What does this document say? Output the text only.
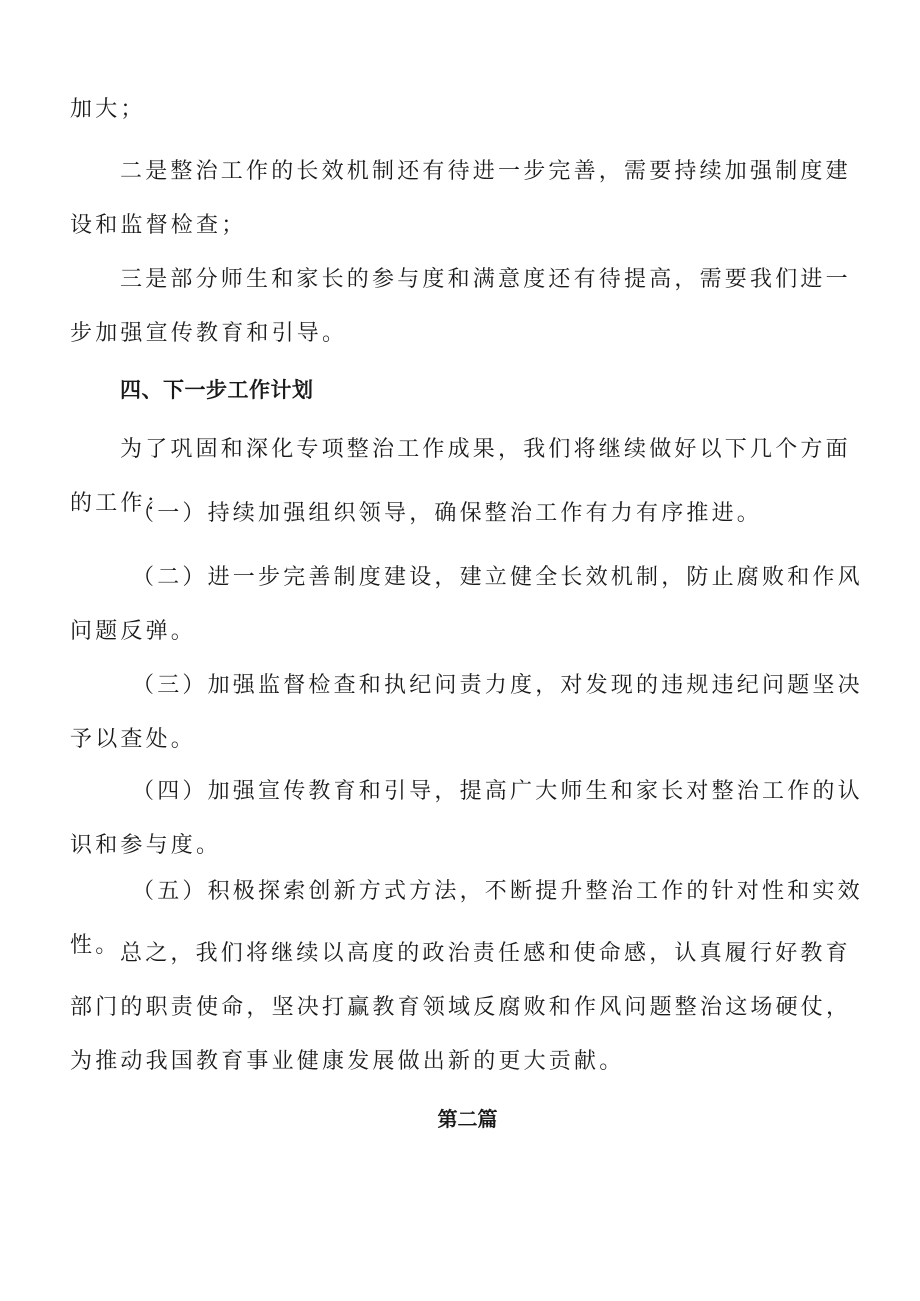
加大；

二是整治工作的长效机制还有待进一步完善，需要持续加强制度建设和监督检查；

三是部分师生和家长的参与度和满意度还有待提高，需要我们进一步加强宣传教育和引导。

四、下一步工作计划

为了巩固和深化专项整治工作成果，我们将继续做好以下几个方面的工作：

（一）持续加强组织领导，确保整治工作有力有序推进。

（二）进一步完善制度建设，建立健全长效机制，防止腐败和作风问题反弹。

（三）加强监督检查和执纪问责力度，对发现的违规违纪问题坚决予以查处。

（四）加强宣传教育和引导，提高广大师生和家长对整治工作的认识和参与度。

（五）积极探索创新方式方法，不断提升整治工作的针对性和实效性。 总之，我们将继续以高度的政治责任感和使命感，认真履行好教育部门的职责使命，坚决打赢教育领域反腐败和作风问题整治这场硬仗，为推动我国教育事业健康发展做出新的更大贡献。

第二篇
